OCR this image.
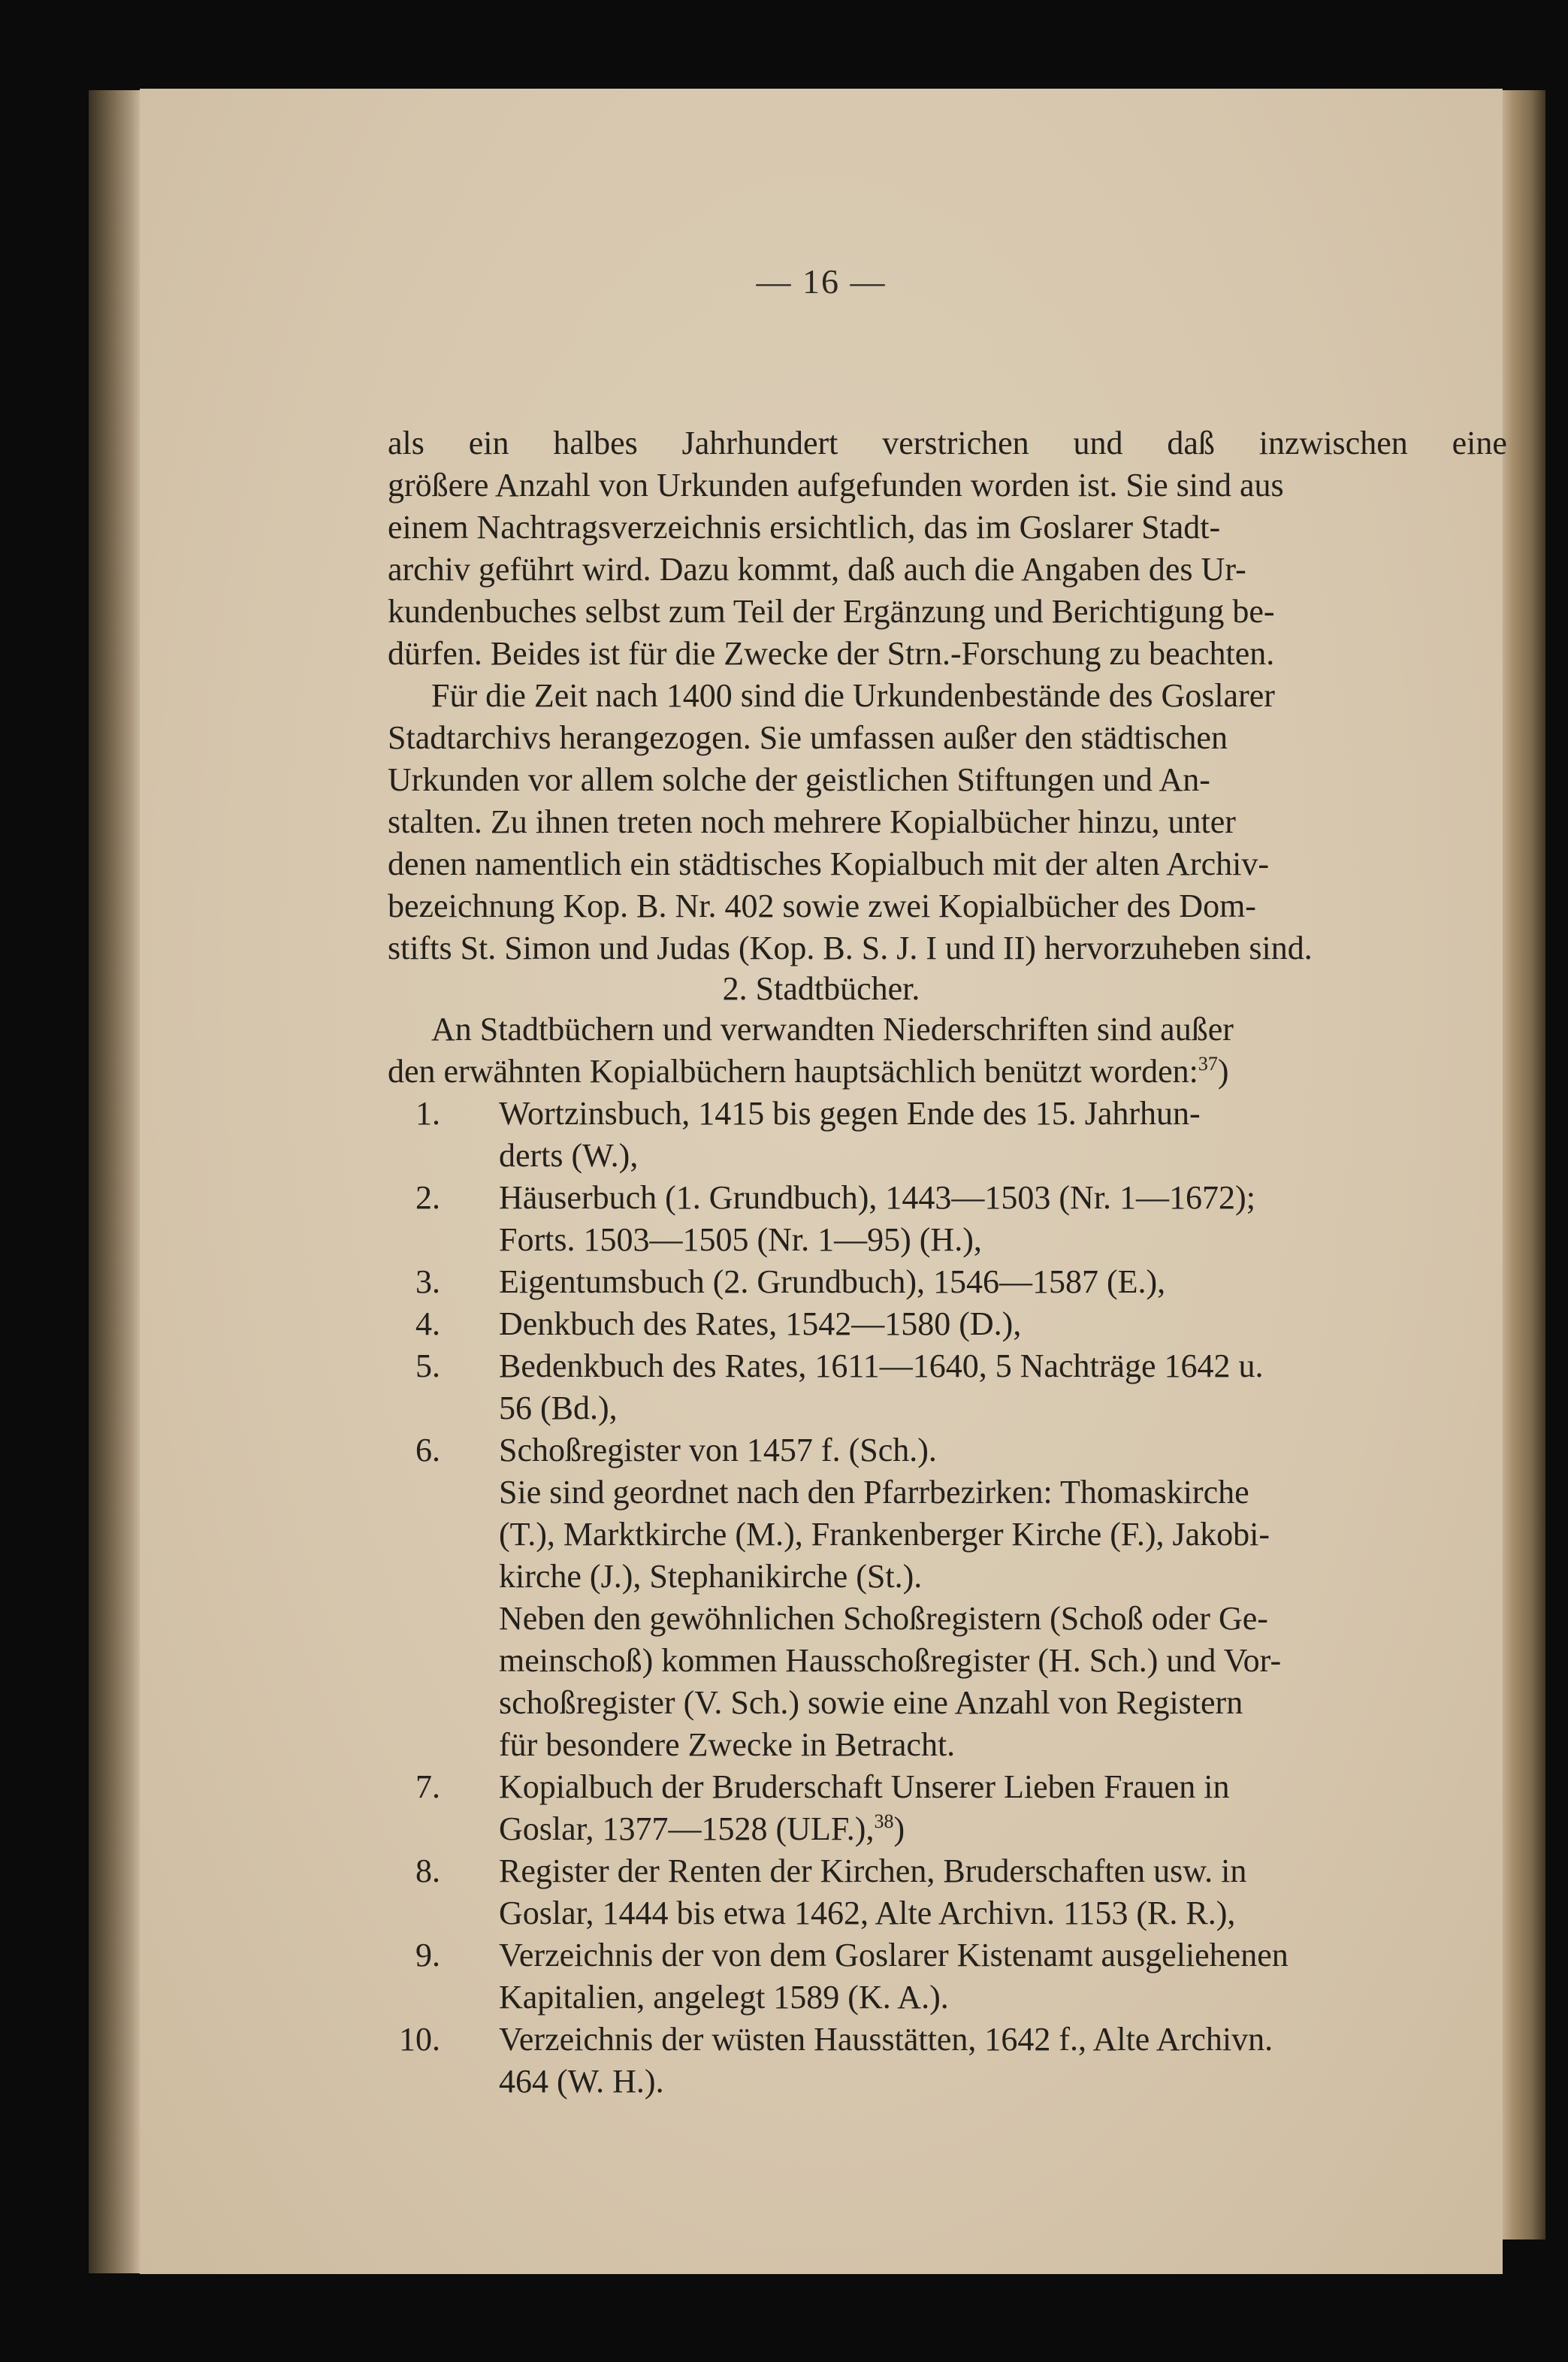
— 16 —
als ein halbes Jahrhundert verstrichen und daß inzwischen eine
größere Anzahl von Urkunden aufgefunden worden ist. Sie sind aus
einem Nachtragsverzeichnis ersichtlich, das im Goslarer Stadt-
archiv geführt wird. Dazu kommt, daß auch die Angaben des Ur-
kundenbuches selbst zum Teil der Ergänzung und Berichtigung be-
dürfen. Beides ist für die Zwecke der Strn.-Forschung zu beachten.
Für die Zeit nach 1400 sind die Urkundenbestände des Goslarer
Stadtarchivs herangezogen. Sie umfassen außer den städtischen
Urkunden vor allem solche der geistlichen Stiftungen und An-
stalten. Zu ihnen treten noch mehrere Kopialbücher hinzu, unter
denen namentlich ein städtisches Kopialbuch mit der alten Archiv-
bezeichnung Kop. B. Nr. 402 sowie zwei Kopialbücher des Dom-
stifts St. Simon und Judas (Kop. B. S. J. I und II) hervorzuheben sind.
2. Stadtbücher.
An Stadtbüchern und verwandten Niederschriften sind außer
den erwähnten Kopialbüchern hauptsächlich benützt worden:$^{37}$)
1. Wortzinsbuch, 1415 bis gegen Ende des 15. Jahrhun-
derts (W.),
2. Häuserbuch (1. Grundbuch), 1443—1503 (Nr. 1—1672);
Forts. 1503—1505 (Nr. 1—95) (H.),
3. Eigentumsbuch (2. Grundbuch), 1546—1587 (E.),
4. Denkbuch des Rates, 1542—1580 (D.),
5. Bedenkbuch des Rates, 1611—1640, 5 Nachträge 1642 u.
56 (Bd.),
6. Schoßregister von 1457 f. (Sch.).
Sie sind geordnet nach den Pfarrbezirken: Thomaskirche
(T.), Marktkirche (M.), Frankenberger Kirche (F.), Jakobi-
kirche (J.), Stephanikirche (St.).
Neben den gewöhnlichen Schoßregistern (Schoß oder Ge-
meinschoß) kommen Hausschoßregister (H. Sch.) und Vor-
schoßregister (V. Sch.) sowie eine Anzahl von Registern
für besondere Zwecke in Betracht.
7. Kopialbuch der Bruderschaft Unserer Lieben Frauen in
Goslar, 1377—1528 (ULF.),$^{38}$)
8. Register der Renten der Kirchen, Bruderschaften usw. in
Goslar, 1444 bis etwa 1462, Alte Archivn. 1153 (R. R.),
9. Verzeichnis der von dem Goslarer Kistenamt ausgeliehenen
Kapitalien, angelegt 1589 (K. A.).
10. Verzeichnis der wüsten Hausstätten, 1642 f., Alte Archivn.
464 (W. H.).
